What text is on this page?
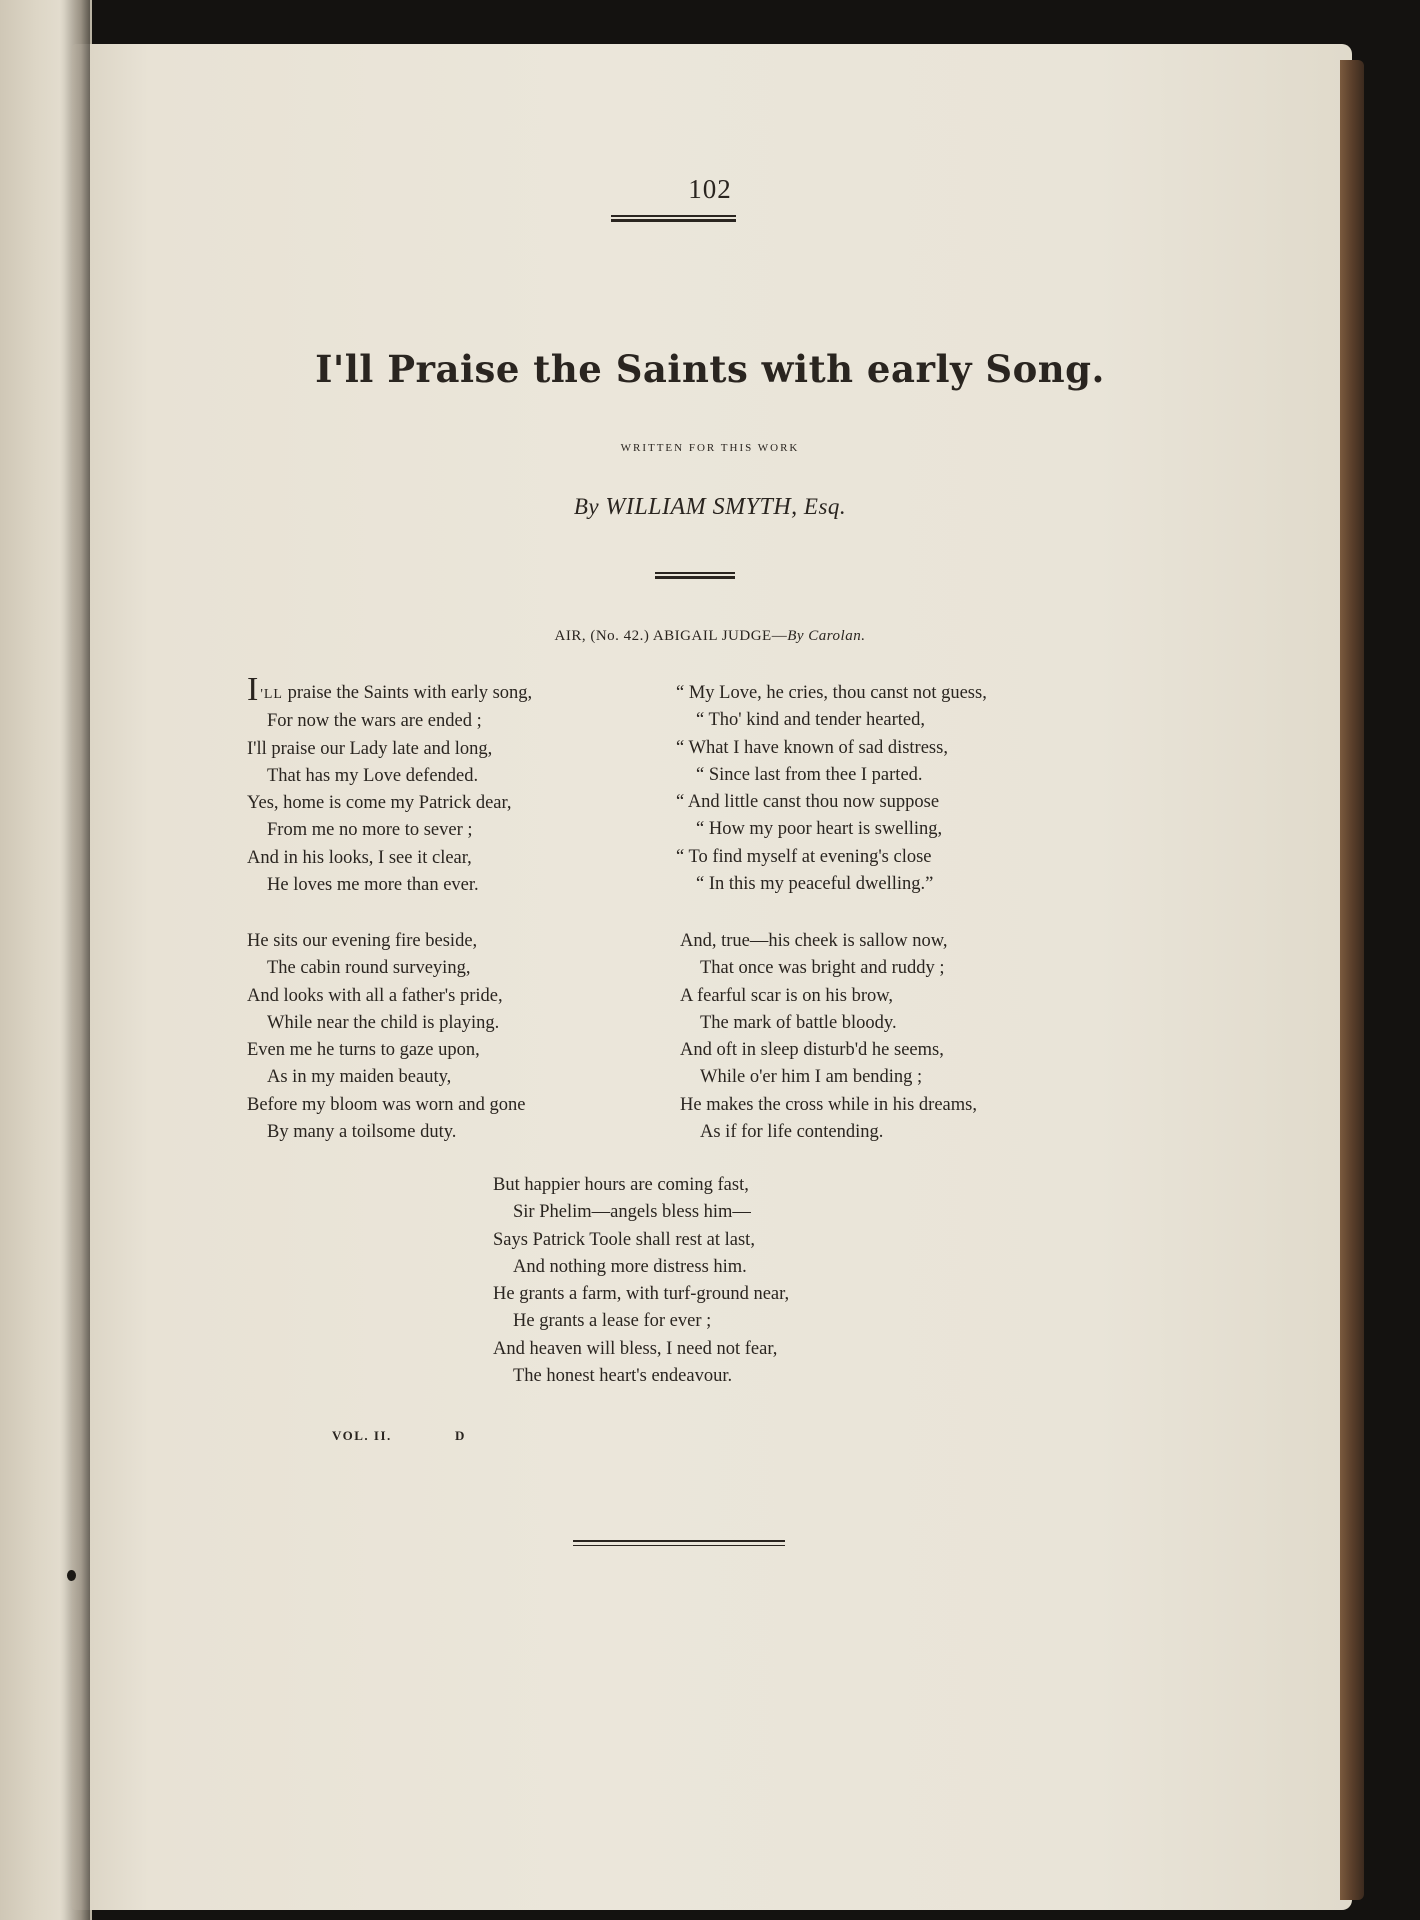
102
I'll Praise the Saints with early Song.
WRITTEN FOR THIS WORK
By WILLIAM SMYTH, Esq.
AIR, (No. 42.) ABIGAIL JUDGE—By Carolan.
I 'LL praise the Saints with early song,
For now the wars are ended ;
I'll praise our Lady late and long,
That has my Love defended.
Yes, home is come my Patrick dear,
From me no more to sever ;
And in his looks, I see it clear,
He loves me more than ever.
He sits our evening fire beside,
The cabin round surveying,
And looks with all a father's pride,
While near the child is playing.
Even me he turns to gaze upon,
As in my maiden beauty,
Before my bloom was worn and gone
By many a toilsome duty.
“ My Love, he cries, thou canst not guess,
“ Tho' kind and tender hearted,
“ What I have known of sad distress,
“ Since last from thee I parted.
“ And little canst thou now suppose
“ How my poor heart is swelling,
“ To find myself at evening's close
“ In this my peaceful dwelling.”
And, true—his cheek is sallow now,
That once was bright and ruddy ;
A fearful scar is on his brow,
The mark of battle bloody.
And oft in sleep disturb'd he seems,
While o'er him I am bending ;
He makes the cross while in his dreams,
As if for life contending.
But happier hours are coming fast,
Sir Phelim—angels bless him—
Says Patrick Toole shall rest at last,
And nothing more distress him.
He grants a farm, with turf-ground near,
He grants a lease for ever ;
And heaven will bless, I need not fear,
The honest heart's endeavour.
VOL. II.	D
